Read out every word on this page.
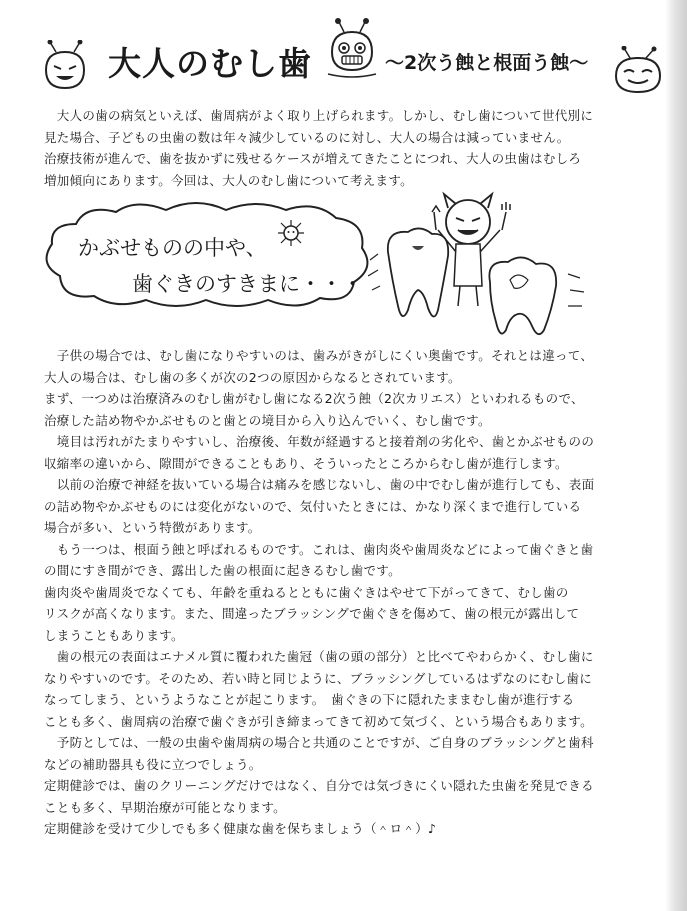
大人のむし歯	〜2次う蝕と根面う蝕〜

　大人の歯の病気といえば、歯周病がよく取り上げられます。しかし、むし歯について世代別に

見た場合、子どもの虫歯の数は年々減少しているのに対し、大人の場合は減っていません。

治療技術が進んで、歯を抜かずに残せるケースが増えてきたことにつれ、大人の虫歯はむしろ

増加傾向にあります。今回は、大人のむし歯について考えます。

かぶせものの中や、
歯ぐきのすきまに・・・

　子供の場合では、むし歯になりやすいのは、歯みがきがしにくい奥歯です。それとは違って、

大人の場合は、むし歯の多くが次の2つの原因からなるとされています。

まず、一つめは治療済みのむし歯がむし歯になる2次う蝕（2次カリエス）といわれるもので、

治療した詰め物やかぶせものと歯との境目から入り込んでいく、むし歯です。

　境目は汚れがたまりやすいし、治療後、年数が経過すると接着剤の劣化や、歯とかぶせものの

収縮率の違いから、隙間ができることもあり、そういったところからむし歯が進行します。

　以前の治療で神経を抜いている場合は痛みを感じないし、歯の中でむし歯が進行しても、表面

の詰め物やかぶせものには変化がないので、気付いたときには、かなり深くまで進行している

場合が多い、という特徴があります。

　もう一つは、根面う蝕と呼ばれるものです。これは、歯肉炎や歯周炎などによって歯ぐきと歯

の間にすき間ができ、露出した歯の根面に起きるむし歯です。

歯肉炎や歯周炎でなくても、年齢を重ねるとともに歯ぐきはやせて下がってきて、むし歯の

リスクが高くなります。また、間違ったブラッシングで歯ぐきを傷めて、歯の根元が露出して

しまうこともあります。

　歯の根元の表面はエナメル質に覆われた歯冠（歯の頭の部分）と比べてやわらかく、むし歯に

なりやすいのです。そのため、若い時と同じように、ブラッシングしているはずなのにむし歯に

なってしまう、というようなことが起こります。　歯ぐきの下に隠れたままむし歯が進行する

ことも多く、歯周病の治療で歯ぐきが引き締まってきて初めて気づく、という場合もあります。

　予防としては、一般の虫歯や歯周病の場合と共通のことですが、ご自身のブラッシングと歯科

などの補助器具も役に立つでしょう。

定期健診では、歯のクリーニングだけではなく、自分では気づきにくい隠れた虫歯を発見できる

ことも多く、早期治療が可能となります。

定期健診を受けて少しでも多く健康な歯を保ちましょう（＾ロ＾）♪
